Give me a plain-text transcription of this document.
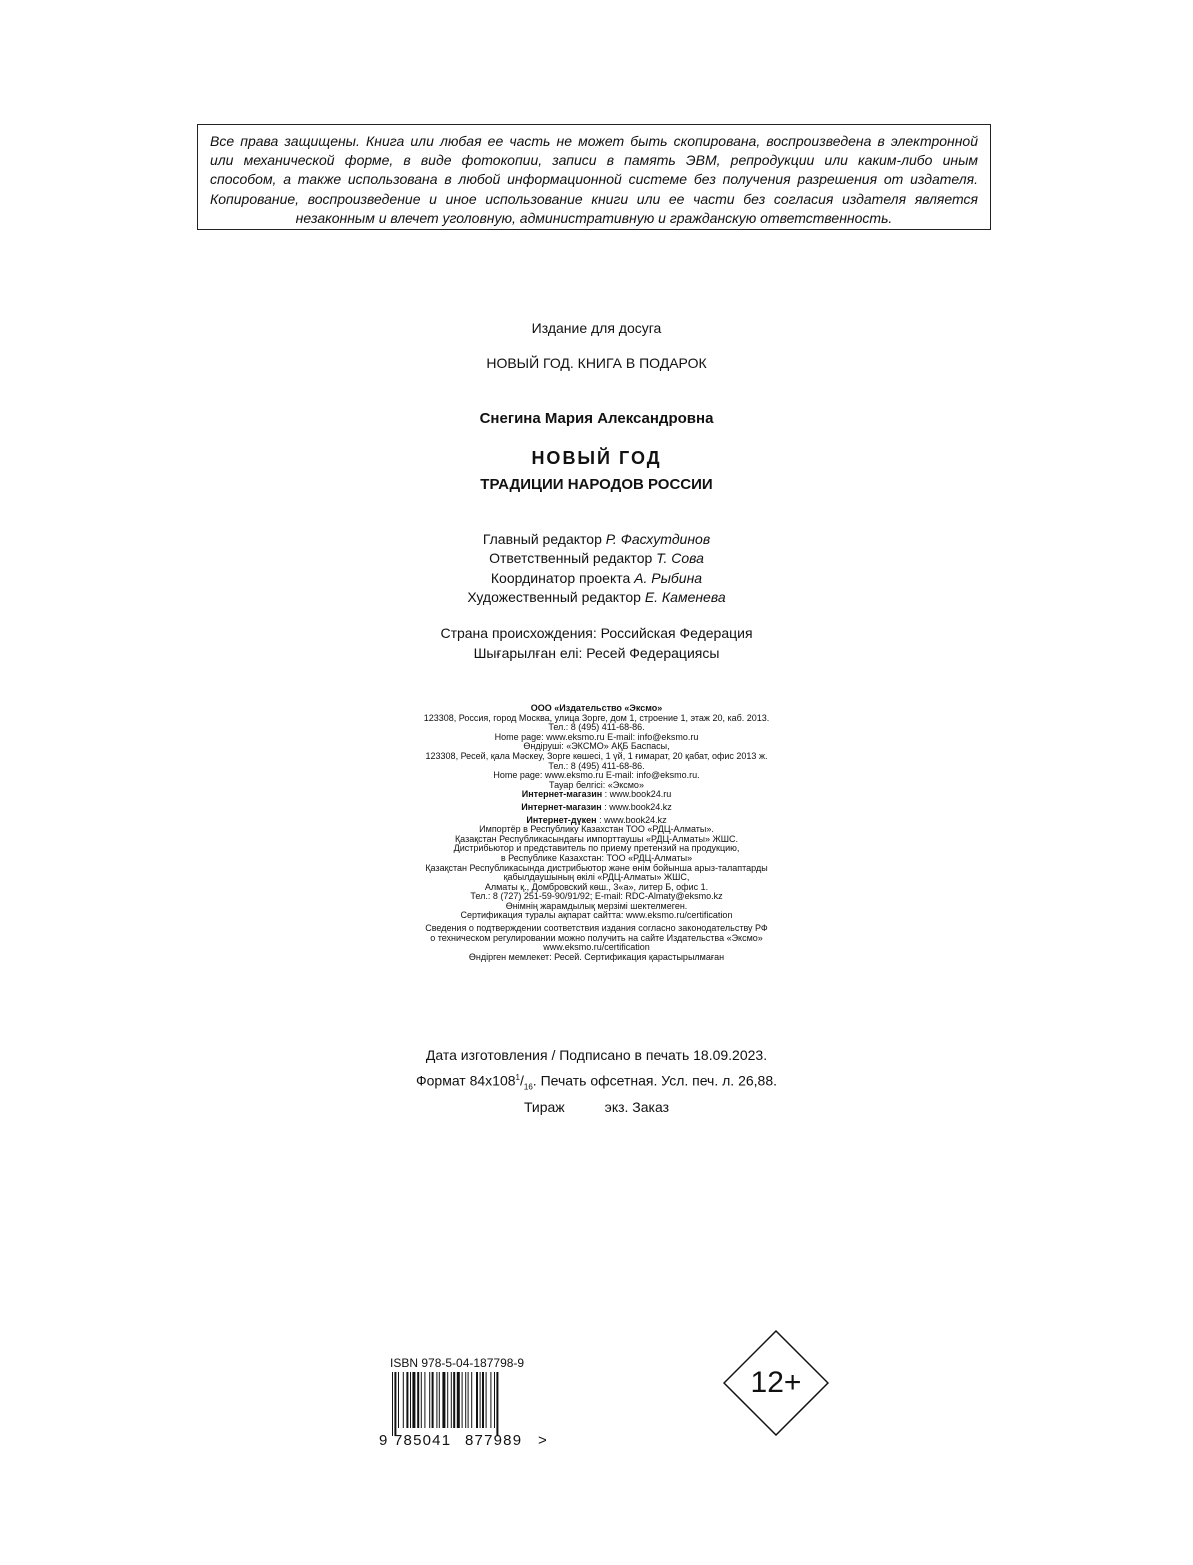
Все права защищены. Книга или любая ее часть не может быть скопирована, воспроизведена в электронной
или механической форме, в виде фотокопии, записи в память ЭВМ, репродукции или каким-либо иным
способом, а также использована в любой информационной системе без получения разрешения от издателя.
Копирование, воспроизведение и иное использование книги или ее части без согласия издателя является
незаконным и влечет уголовную, административную и гражданскую ответственность.
Издание для досуга
НОВЫЙ ГОД. КНИГА В ПОДАРОК
Снегина Мария Александровна
НОВЫЙ ГОД
ТРАДИЦИИ НАРОДОВ РОССИИ
Главный редактор Р. Фасхутдинов
Ответственный редактор Т. Сова
Координатор проекта А. Рыбина
Художественный редактор Е. Каменева
Страна происхождения: Российская Федерация
Шығарылған елі: Ресей Федерациясы
ООО «Издательство «Эксмо»
123308, Россия, город Москва, улица Зорге, дом 1, строение 1, этаж 20, каб. 2013.
Тел.: 8 (495) 411-68-86.
Home page: www.eksmo.ru E-mail: info@eksmo.ru
Өндіруші: «ЭКСМО» АҚБ Баспасы,
123308, Ресей, қала Мәскеу, Зорге көшесі, 1 үй, 1 ғимарат, 20 қабат, офис 2013 ж.
Тел.: 8 (495) 411-68-86.
Home page: www.eksmo.ru E-mail: info@eksmo.ru.
Тауар белгісі: «Эксмо»
Интернет-магазин : www.book24.ru
Интернет-магазин : www.book24.kz
Интернет-дүкен : www.book24.kz
Импортёр в Республику Казахстан ТОО «РДЦ-Алматы».
Қазақстан Республикасындағы импорттаушы «РДЦ-Алматы» ЖШС.
Дистрибьютор и представитель по приему претензий на продукцию,
в Республике Казахстан: ТОО «РДЦ-Алматы»
Қазақстан Республикасында дистрибьютор және өнім бойынша арыз-талаптарды
қабылдаушының өкілі «РДЦ-Алматы» ЖШС,
Алматы қ., Домбровский көш., 3«а», литер Б, офис 1.
Тел.: 8 (727) 251-59-90/91/92; E-mail: RDC-Almaty@eksmo.kz
Өнімнің жарамдылық мерзімі шектелмеген.
Сертификация туралы ақпарат сайтта: www.eksmo.ru/certification
Сведения о подтверждении соответствия издания согласно законодательству РФ
о техническом регулировании можно получить на сайте Издательства «Эксмо»
www.eksmo.ru/certification
Өндірген мемлекет: Ресей. Сертификация қарастырылмаған
Дата изготовления / Подписано в печать 18.09.2023.
Формат $84x108^1/_{16}$. Печать офсетная. Усл. печ. л. 26,88.
Тираж	экз. Заказ
ISBN 978-5-04-187798-9
9 785041 877989 >
12+
